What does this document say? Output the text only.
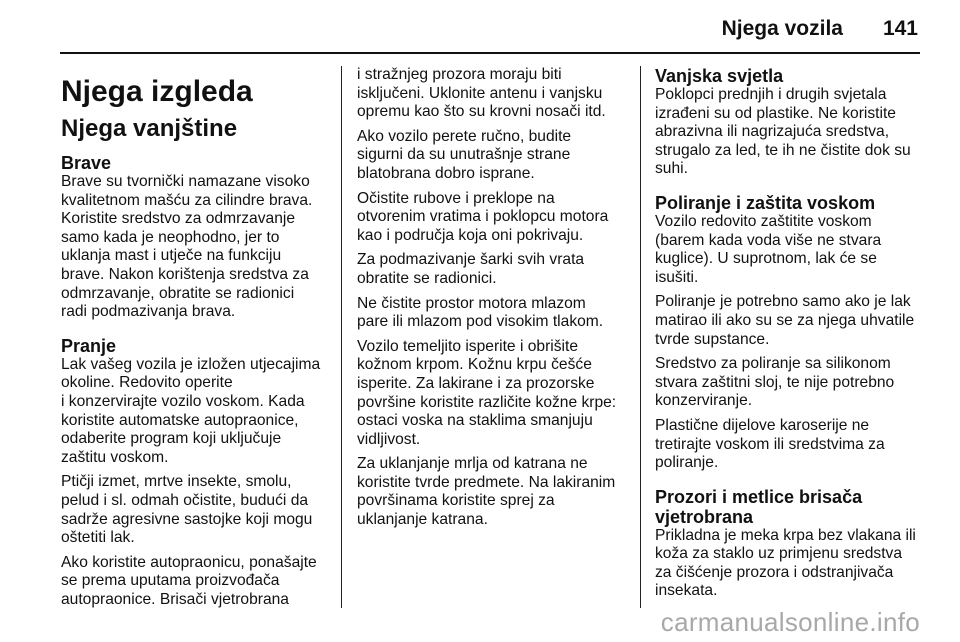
Njega vozila 141
Njega izgleda
Njega vanjštine
Brave

Brave su tvornički namazane visoko
kvalitetnom mašću za cilindre brava.
Koristite sredstvo za odmrzavanje
samo kada je neophodno, jer to
uklanja mast i utječe na funkciju
brave. Nakon korištenja sredstva za
odmrzavanje, obratite se radionici
radi podmazivanja brava.

Pranje

Lak vašeg vozila je izložen utjecajima
okoline. Redovito operite
i konzervirajte vozilo voskom. Kada
koristite automatske autopraonice,
odaberite program koji uključuje
zaštitu voskom.

Ptičji izmet, mrtve insekte, smolu,
pelud i sl. odmah očistite, budući da
sadrže agresivne sastojke koji mogu
oštetiti lak.

Ako koristite autopraonicu, ponašajte
se prema uputama proizvođača
autopraonice. Brisači vjetrobrana

i stražnjeg prozora moraju biti
isključeni. Uklonite antenu i vanjsku
opremu kao što su krovni nosači itd.

Ako vozilo perete ručno, budite
sigurni da su unutrašnje strane
blatobrana dobro isprane.

Očistite rubove i preklope na
otvorenim vratima i poklopcu motora
kao i područja koja oni pokrivaju.

Za podmazivanje šarki svih vrata
obratite se radionici.

Ne čistite prostor motora mlazom
pare ili mlazom pod visokim tlakom.

Vozilo temeljito isperite i obrišite
kožnom krpom. Kožnu krpu češće
isperite. Za lakirane i za prozorske
površine koristite različite kožne krpe:
ostaci voska na staklima smanjuju
vidljivost.

Za uklanjanje mrlja od katrana ne
koristite tvrde predmete. Na lakiranim
površinama koristite sprej za
uklanjanje katrana.

Vanjska svjetla

Poklopci prednjih i drugih svjetala
izrađeni su od plastike. Ne koristite
abrazivna ili nagrizajuća sredstva,
strugalo za led, te ih ne čistite dok su
suhi.

Poliranje i zaštita voskom

Vozilo redovito zaštitite voskom
(barem kada voda više ne stvara
kuglice). U suprotnom, lak će se
isušiti.

Poliranje je potrebno samo ako je lak
matirao ili ako su se za njega uhvatile
tvrde supstance.

Sredstvo za poliranje sa silikonom
stvara zaštitni sloj, te nije potrebno
konzerviranje.

Plastične dijelove karoserije ne
tretirajte voskom ili sredstvima za
poliranje.

Prozori i metlice brisača
vjetrobrana

Prikladna je meka krpa bez vlakana ili
koža za staklo uz primjenu sredstva
za čišćenje prozora i odstranjivača
insekata.

carmanualsonline.info
